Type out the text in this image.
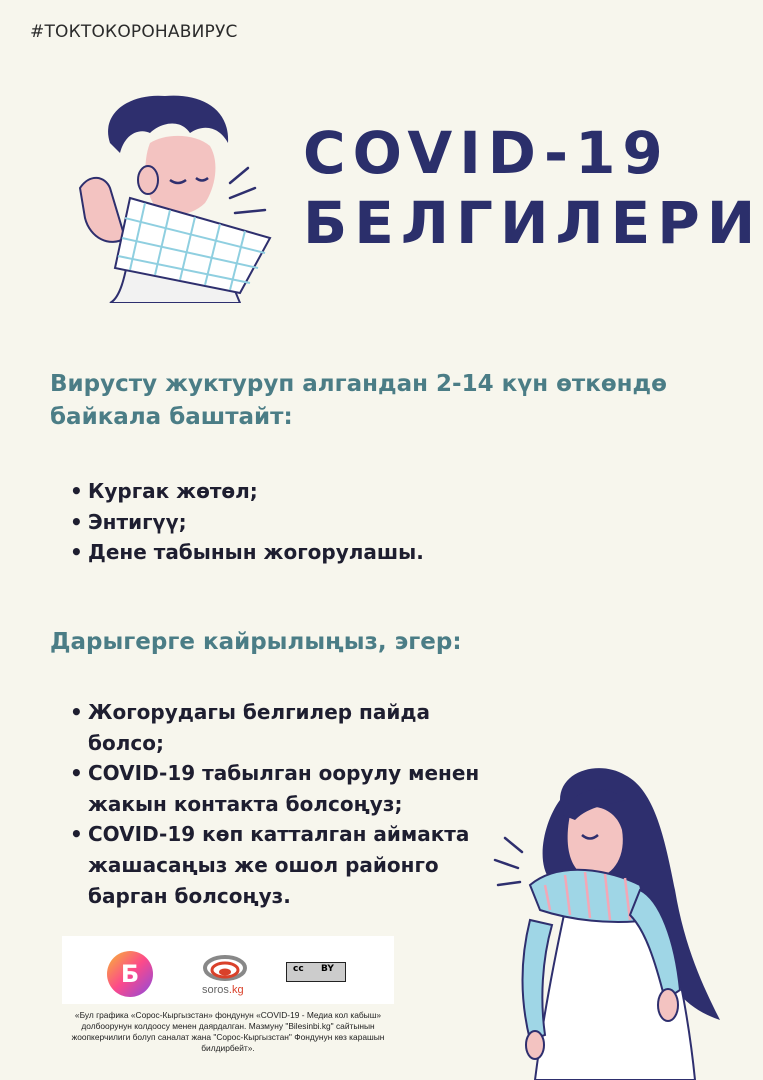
#ТОКТОКОРОНАВИРУС
COVID-19
БЕЛГИЛЕРИ
Вирусту жуктуруп алгандан 2-14 күн өткөндө байкала баштайт:
• Кургак жөтөл;
• Энтигүү;
• Дене табынын жогорулашы.
Дарыгерге кайрылыңыз, эгер:
• Жогорудагы белгилер пайда болсо;
• COVID-19 табылган оорулу менен жакын контакта болсоңуз;
• COVID-19 көп катталган аймакта жашасаңыз же ошол районго барган болсоңуз.
Б
soros.kg
cc BY
«Бул графика «Сорос-Кыргызстан» фондунун «COVID-19 - Медиа кол кабыш» долбоорунун колдоосу менен даярдалган. Мазмуну "Bilesinbi.kg" сайтынын жоопкерчилиги болуп саналат жана "Сорос-Кыргызстан" Фондунун көз карашын билдирбейт».
